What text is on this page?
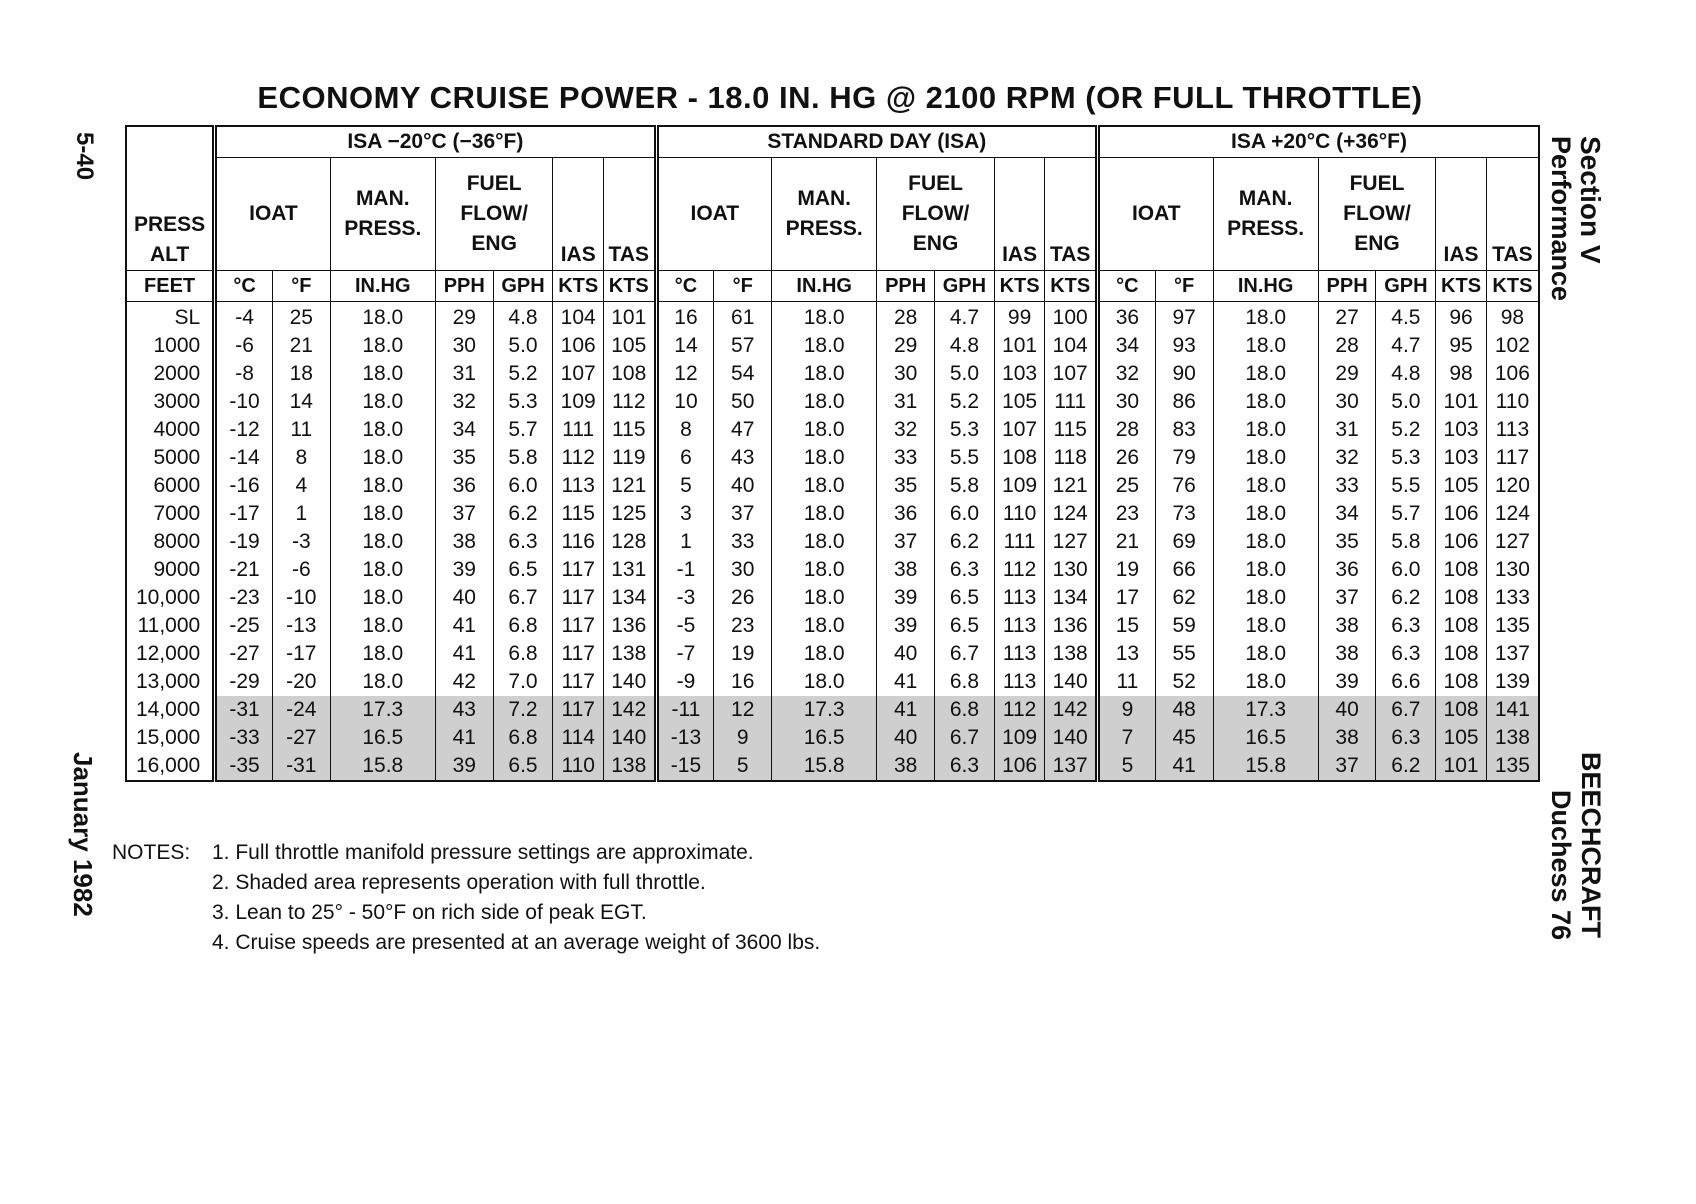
ECONOMY CRUISE POWER - 18.0 IN. HG @ 2100 RPM (OR FULL THROTTLE)
5-40
January 1982
Section V
Performance
BEECHCRAFT
Duchess 76
PRESS
ALT	ISA −20°C (−36°F)							STANDARD DAY (ISA)							ISA +20°C (+36°F)						
	IOAT		MAN.
PRESS.	FUEL
FLOW/
ENG		IAS	TAS	IOAT		MAN.
PRESS.	FUEL
FLOW/
ENG		IAS	TAS	IOAT		MAN.
PRESS.	FUEL
FLOW/
ENG		IAS	TAS
FEET	°C	°F	IN.HG	PPH	GPH	KTS	KTS	°C	°F	IN.HG	PPH	GPH	KTS	KTS	°C	°F	IN.HG	PPH	GPH	KTS	KTS
SL	-4	25	18.0	29	4.8	104	101	16	61	18.0	28	4.7	99	100	36	97	18.0	27	4.5	96	98
1000	-6	21	18.0	30	5.0	106	105	14	57	18.0	29	4.8	101	104	34	93	18.0	28	4.7	95	102
2000	-8	18	18.0	31	5.2	107	108	12	54	18.0	30	5.0	103	107	32	90	18.0	29	4.8	98	106
3000	-10	14	18.0	32	5.3	109	112	10	50	18.0	31	5.2	105	111	30	86	18.0	30	5.0	101	110
4000	-12	11	18.0	34	5.7	111	115	8	47	18.0	32	5.3	107	115	28	83	18.0	31	5.2	103	113
5000	-14	8	18.0	35	5.8	112	119	6	43	18.0	33	5.5	108	118	26	79	18.0	32	5.3	103	117
6000	-16	4	18.0	36	6.0	113	121	5	40	18.0	35	5.8	109	121	25	76	18.0	33	5.5	105	120
7000	-17	1	18.0	37	6.2	115	125	3	37	18.0	36	6.0	110	124	23	73	18.0	34	5.7	106	124
8000	-19	-3	18.0	38	6.3	116	128	1	33	18.0	37	6.2	111	127	21	69	18.0	35	5.8	106	127
9000	-21	-6	18.0	39	6.5	117	131	-1	30	18.0	38	6.3	112	130	19	66	18.0	36	6.0	108	130
10,000	-23	-10	18.0	40	6.7	117	134	-3	26	18.0	39	6.5	113	134	17	62	18.0	37	6.2	108	133
11,000	-25	-13	18.0	41	6.8	117	136	-5	23	18.0	39	6.5	113	136	15	59	18.0	38	6.3	108	135
12,000	-27	-17	18.0	41	6.8	117	138	-7	19	18.0	40	6.7	113	138	13	55	18.0	38	6.3	108	137
13,000	-29	-20	18.0	42	7.0	117	140	-9	16	18.0	41	6.8	113	140	11	52	18.0	39	6.6	108	139
14,000	-31	-24	17.3	43	7.2	117	142	-11	12	17.3	41	6.8	112	142	9	48	17.3	40	6.7	108	141
15,000	-33	-27	16.5	41	6.8	114	140	-13	9	16.5	40	6.7	109	140	7	45	16.5	38	6.3	105	138
16,000	-35	-31	15.8	39	6.5	110	138	-15	5	15.8	38	6.3	106	137	5	41	15.8	37	6.2	101	135
NOTES: 1. Full throttle manifold pressure settings are approximate.
2. Shaded area represents operation with full throttle.
3. Lean to 25° - 50°F on rich side of peak EGT.
4. Cruise speeds are presented at an average weight of 3600 lbs.
